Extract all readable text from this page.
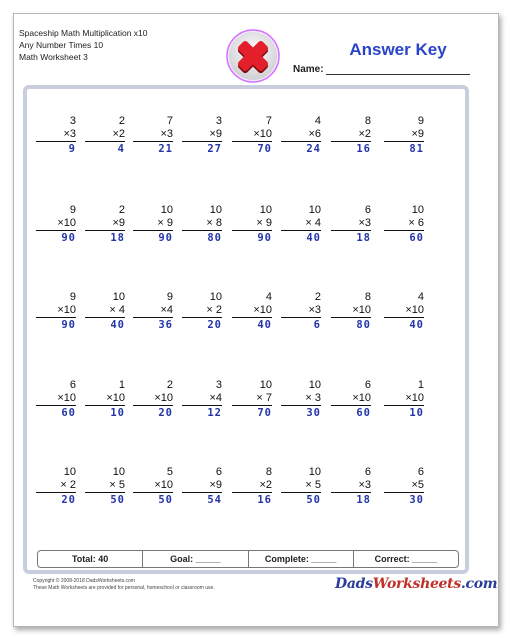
Spaceship Math Multiplication x10
Any Number Times 10
Math Worksheet 3
Name:
Answer Key
3
×3
9
2
×2
4
7
×3
21
3
×9
27
7
×10
70
4
×6
24
8
×2
16
9
×9
81
9
×10
90
2
×9
18
10
× 9
90
10
× 8
80
10
× 9
90
10
× 4
40
6
×3
18
10
× 6
60
9
×10
90
10
× 4
40
9
×4
36
10
× 2
20
4
×10
40
2
×3
6
8
×10
80
4
×10
40
6
×10
60
1
×10
10
2
×10
20
3
×4
12
10
× 7
70
10
× 3
30
6
×10
60
1
×10
10
10
× 2
20
10
× 5
50
5
×10
50
6
×9
54
8
×2
16
10
× 5
50
6
×3
18
6
×5
30
Total: 40	Goal: _____	Complete: _____	Correct: _____
Copyright © 2008-2018 DadsWorksheets.com
These Math Worksheets are provided for personal, homeschool or classroom use.	DadsWorksheets.com
